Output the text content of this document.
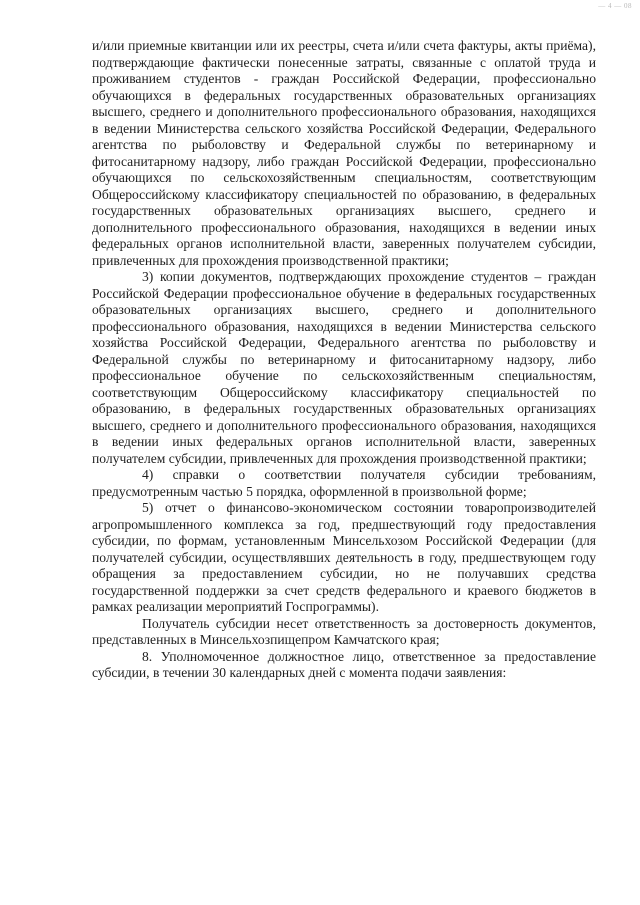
— 4 — 08

и/или приемные квитанции или их реестры, счета и/или счета фактуры, акты приёма), подтверждающие фактически понесенные затраты, связанные с оплатой труда и проживанием студентов - граждан Российской Федерации, профессионально обучающихся в федеральных государственных образовательных организациях высшего, среднего и дополнительного профессионального образования, находящихся в ведении Министерства сельского хозяйства Российской Федерации, Федерального агентства по рыболовству и Федеральной службы по ветеринарному и фитосанитарному надзору, либо граждан Российской Федерации, профессионально обучающихся по сельскохозяйственным специальностям, соответствующим Общероссийскому классификатору специальностей по образованию, в федеральных государственных образовательных организациях высшего, среднего и дополнительного профессионального образования, находящихся в ведении иных федеральных органов исполнительной власти, заверенных получателем субсидии, привлеченных для прохождения производственной практики;

3) копии документов, подтверждающих прохождение студентов – граждан Российской Федерации профессиональное обучение в федеральных государственных образовательных организациях высшего, среднего и дополнительного профессионального образования, находящихся в ведении Министерства сельского хозяйства Российской Федерации, Федерального агентства по рыболовству и Федеральной службы по ветеринарному и фитосанитарному надзору, либо профессиональное обучение по сельскохозяйственным специальностям, соответствующим Общероссийскому классификатору специальностей по образованию, в федеральных государственных образовательных организациях высшего, среднего и дополнительного профессионального образования, находящихся в ведении иных федеральных органов исполнительной власти, заверенных получателем субсидии, привлеченных для прохождения производственной практики;

4) справки о соответствии получателя субсидии требованиям, предусмотренным частью 5 порядка, оформленной в произвольной форме;

5) отчет о финансово-экономическом состоянии товаропроизводителей агропромышленного комплекса за год, предшествующий году предоставления субсидии, по формам, установленным Минсельхозом Российской Федерации (для получателей субсидии, осуществлявших деятельность в году, предшествующем году обращения за предоставлением субсидии, но не получавших средства государственной поддержки за счет средств федерального и краевого бюджетов в рамках реализации мероприятий Госпрограммы).

Получатель субсидии несет ответственность за достоверность документов, представленных в Минсельхозпищепром Камчатского края;

8. Уполномоченное должностное лицо, ответственное за предоставление субсидии, в течении 30 календарных дней с момента подачи заявления:
